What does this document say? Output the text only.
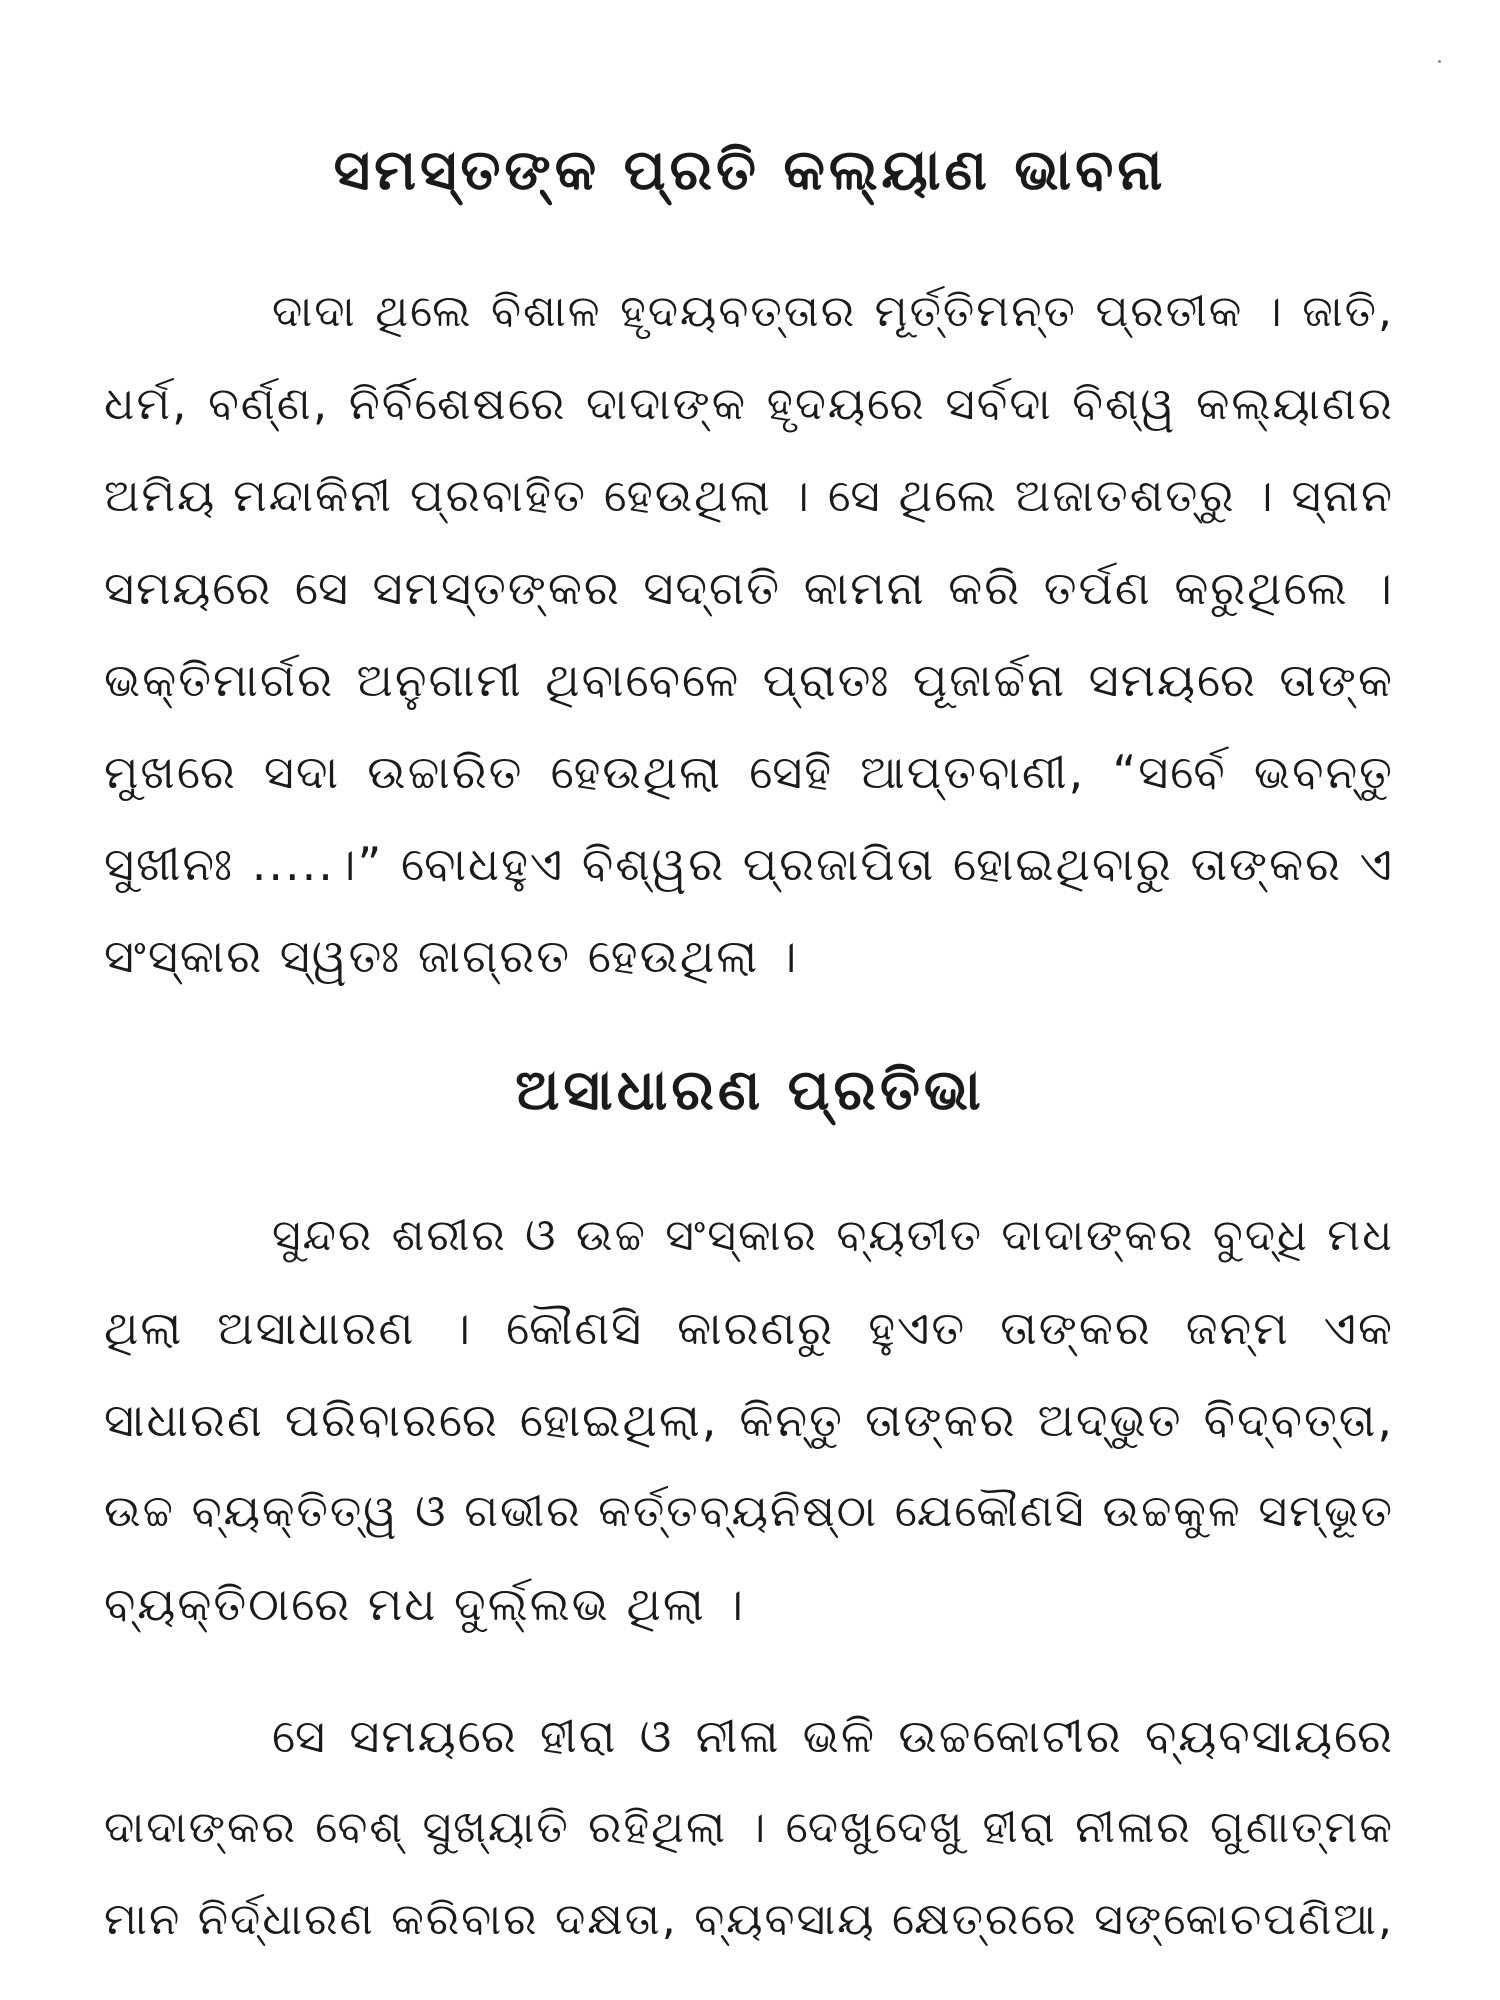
ସମସ୍ତଙ୍କ ପ୍ରତି କଲ୍ୟାଣ ଭାବନା

ଦାଦା ଥିଲେ ବିଶାଳ ହୃଦୟବତ୍ତାର ମୂର୍ତ୍ତିମନ୍ତ ପ୍ରତୀକ । ଜାତି,

ଧର୍ମ, ବର୍ଣ୍ଣ, ନିର୍ବିଶେଷରେ ଦାଦାଙ୍କ ହୃଦୟରେ ସର୍ବଦା ବିଶ୍ୱ କଲ୍ୟାଣର

ଅମିୟ ମନ୍ଦାକିନୀ ପ୍ରବାହିତ ହେଉଥିଲା । ସେ ଥିଲେ ଅଜାତଶତ୍ରୁ । ସ୍ନାନ

ସମୟରେ ସେ ସମସ୍ତଙ୍କର ସଦ୍‌ଗତି କାମନା କରି ତର୍ପଣ କରୁଥିଲେ ।

ଭକ୍ତିମାର୍ଗର ଅନୁଗାମୀ ଥିବାବେଳେ ପ୍ରାତଃ ପୂଜାର୍ଚ୍ଚନା ସମୟରେ ତାଙ୍କ

ମୁଖରେ ସଦା ଉଚ୍ଚାରିତ ହେଉଥିଲା ସେହି ଆପ୍ତବାଣୀ, “ସର୍ବେ ଭବନ୍ତୁ

ସୁଖୀନଃ .....।” ବୋଧହୁଏ ବିଶ୍ୱର ପ୍ରଜାପିତା ହୋଇଥିବାରୁ ତାଙ୍କର ଏ

ସଂସ୍କାର ସ୍ୱତଃ ଜାଗ୍ରତ ହେଉଥିଲା ।

ଅସାଧାରଣ ପ୍ରତିଭା

ସୁନ୍ଦର ଶରୀର ଓ ଉଚ୍ଚ ସଂସ୍କାର ବ୍ୟତୀତ ଦାଦାଙ୍କର ବୁଦ୍ଧି ମଧ

ଥିଲା ଅସାଧାରଣ । କୌଣସି କାରଣରୁ ହୁଏତ ତାଙ୍କର ଜନ୍ମ ଏକ

ସାଧାରଣ ପରିବାରରେ ହୋଇଥିଲା, କିନ୍ତୁ ତାଙ୍କର ଅଦ୍ଭୁତ ବିଦ୍‌ବତ୍ତା,

ଉଚ୍ଚ ବ୍ୟକ୍ତିତ୍ୱ ଓ ଗଭୀର କର୍ତ୍ତବ୍ୟନିଷ୍ଠା ଯେକୌଣସି ଉଚ୍ଚକୁଳ ସମ୍ଭୂତ

ବ୍ୟକ୍ତିଠାରେ ମଧ ଦୁର୍ଲ୍ଲଭ ଥିଲା ।

ସେ ସମୟରେ ହୀରା ଓ ନୀଳା ଭଳି ଉଚ୍ଚକୋଟୀର ବ୍ୟବସାୟରେ

ଦାଦାଙ୍କର ବେଶ୍ ସୁଖ୍ୟାତି ରହିଥିଲା । ଦେଖୁଦେଖୁ ହୀରା ନୀଳାର ଗୁଣାତ୍ମକ

ମାନ ନିର୍ଦ୍ଧାରଣ କରିବାର ଦକ୍ଷତା, ବ୍ୟବସାୟ କ୍ଷେତ୍ରରେ ସଙ୍କୋଚପଣିଆ,
